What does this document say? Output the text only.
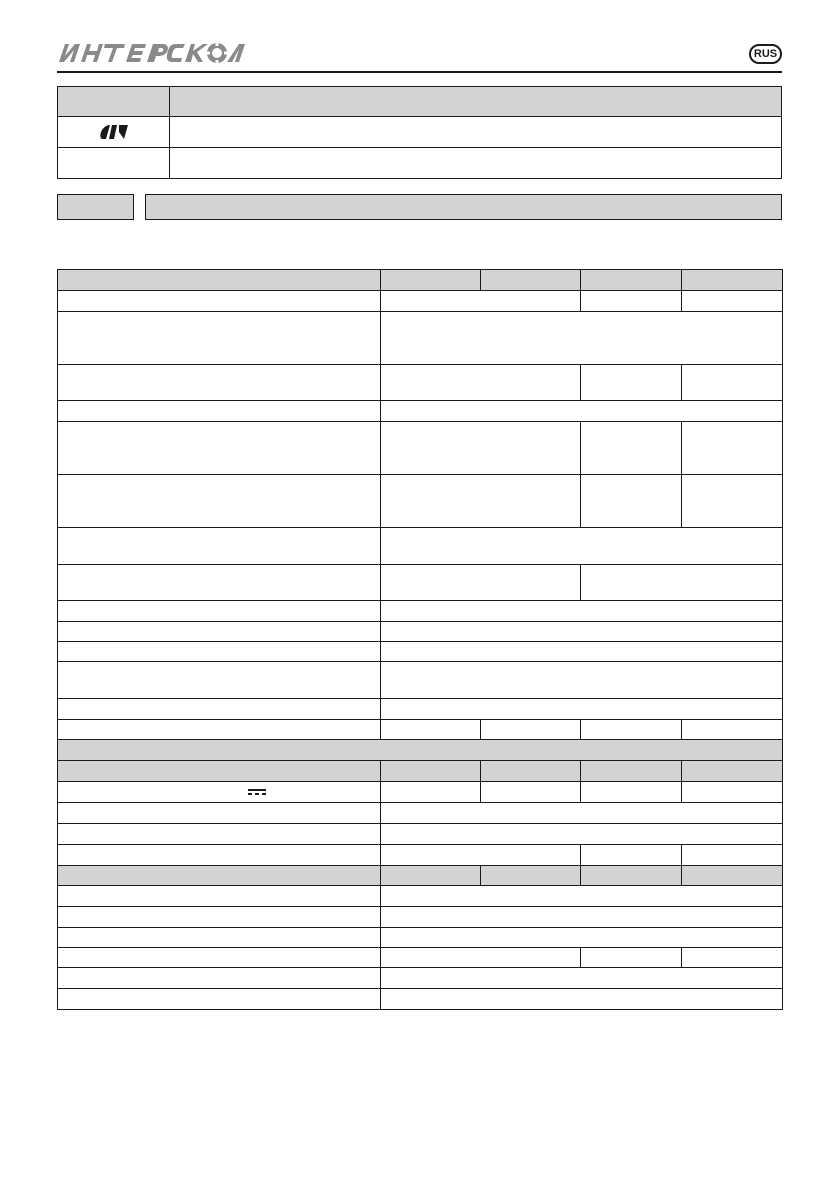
RUS
